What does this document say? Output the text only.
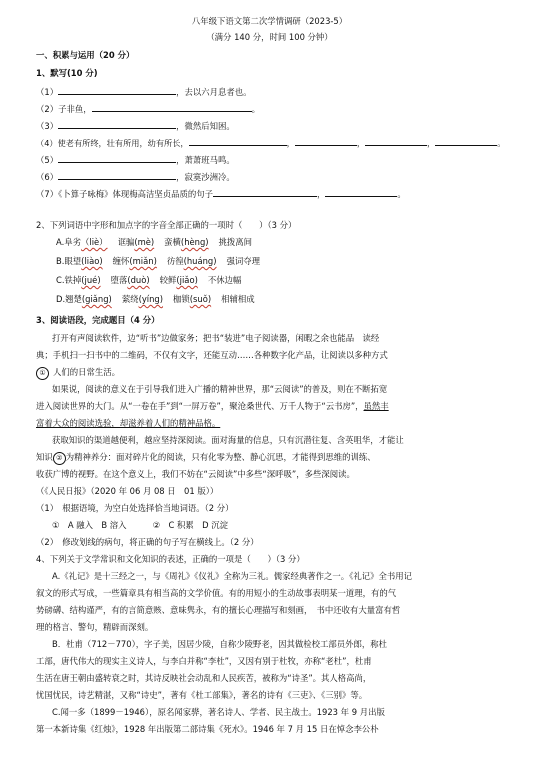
八年级下语文第二次学情调研（2023-5）
（满分 140 分，时间 100 分钟）
一、积累与运用（20 分）
1、默写(10 分)
（1）	，去以六月息者也。
（2）子非鱼，	。
（3）	，微然后知困。
（4）使老有所终，壮有所用，幼有所长，	，	，	，	。
（5）	，萧萧班马鸣。
（6）	，寂寞沙洲冷。
（7）《卜算子咏梅》体现梅高洁坚贞品质的句子	，	。
2、下列词语中字形和加点字的字音全部正确的一项时（　　）（3 分）
A.阜劣（liè） 诓骗(mè) 蛮横(hèng) 挑拨离间
B.眼望(liào) 缠怀(miǎn) 彷徨(huáng) 强词夺理
C.铁掉(jué) 堕落(duò) 较鲜(jiǎo) 不休边幅
D.翘楚(giǎng) 萦绕(yíng) 枷锁(suǒ) 相辅相成
3、阅读语段，完成题目（4 分）
打开有声阅读软件，边“听书”边做家务；把书“装进”电子阅读器，闲暇之余也能品　读经
典；手机扫一扫书中的二维码，不仅有文字，还能互动……各种数字化产品，让阅读以多种方式
① 人们的日常生活。
如果说，阅读的意义在于引导我们进入广播的精神世界，那“云阅读”的普及，则在不断拓宽
进入阅读世界的大门。从“一卷在手”到“一屏万卷”，聚沧桑世代、万千人物于“云书房”，虽然丰
富着大众的阅读选验，却滋养着人们的精神品格。
获取知识的渠道越便利，越应坚持深阅读。面对海量的信息，只有沉潜往复、含英咀华，才能让
知识 ② 为精神养分：面对碎片化的阅读，只有化零为整、静心沉思，才能得到思维的训练、
收获广博的视野。在这个意义上，我们不妨在“云阅读”中多些“深呼吸”，多些深阅读。
（《人民日报》（2020 年 06 月 08 日　01 版））
（1）　根据语境，为空白处选择恰当地词语。（2 分）
①　A 融入　B 溶入	②　C 积累　D 沉淀
（2）　修改划线的病句，将正确的句子写在横线上。（2 分）
4、下列关于文学常识和文化知识的表述，正确的一项是（　　）（3 分）
A.《礼记》是十三经之一，与《周礼》《仪礼》全称为三礼。儒家经典著作之一。《礼记》全书用记
叙文的形式写成，一些篇章具有相当高的文学价值。有的用短小的生动故事表明某一道理，有的气
势磅礴、结构谨严，有的言简意赅、意味隽永，有的擅长心理描写和刻画，　书中还收有大量富有哲
理的格言、警句，精辟而深刻。
B．杜甫（712－770），字子美，因居少陵，自称少陵野老，因其做检校工部员外郎，称杜
工部，唐代伟大的现实主义诗人，与李白并称“李杜”，又因有别于杜牧，亦称“老杜”，杜甫
生活在唐王朝由盛转衰之时，其诗反映社会动乱和人民疾苦，被称为“诗圣”。其人格高尚，
忧国忧民，诗艺精湛，又称“诗史”，著有《杜工部集》，著名的诗有《三吏》、《三别》等。
C.闻一多（1899－1946），原名闻家骅，著名诗人、学者、民主战士。1923 年 9 月出版
第一本新诗集《红烛》，1928 年出版第二部诗集《死水》。1946 年 7 月 15 日在悼念李公朴
